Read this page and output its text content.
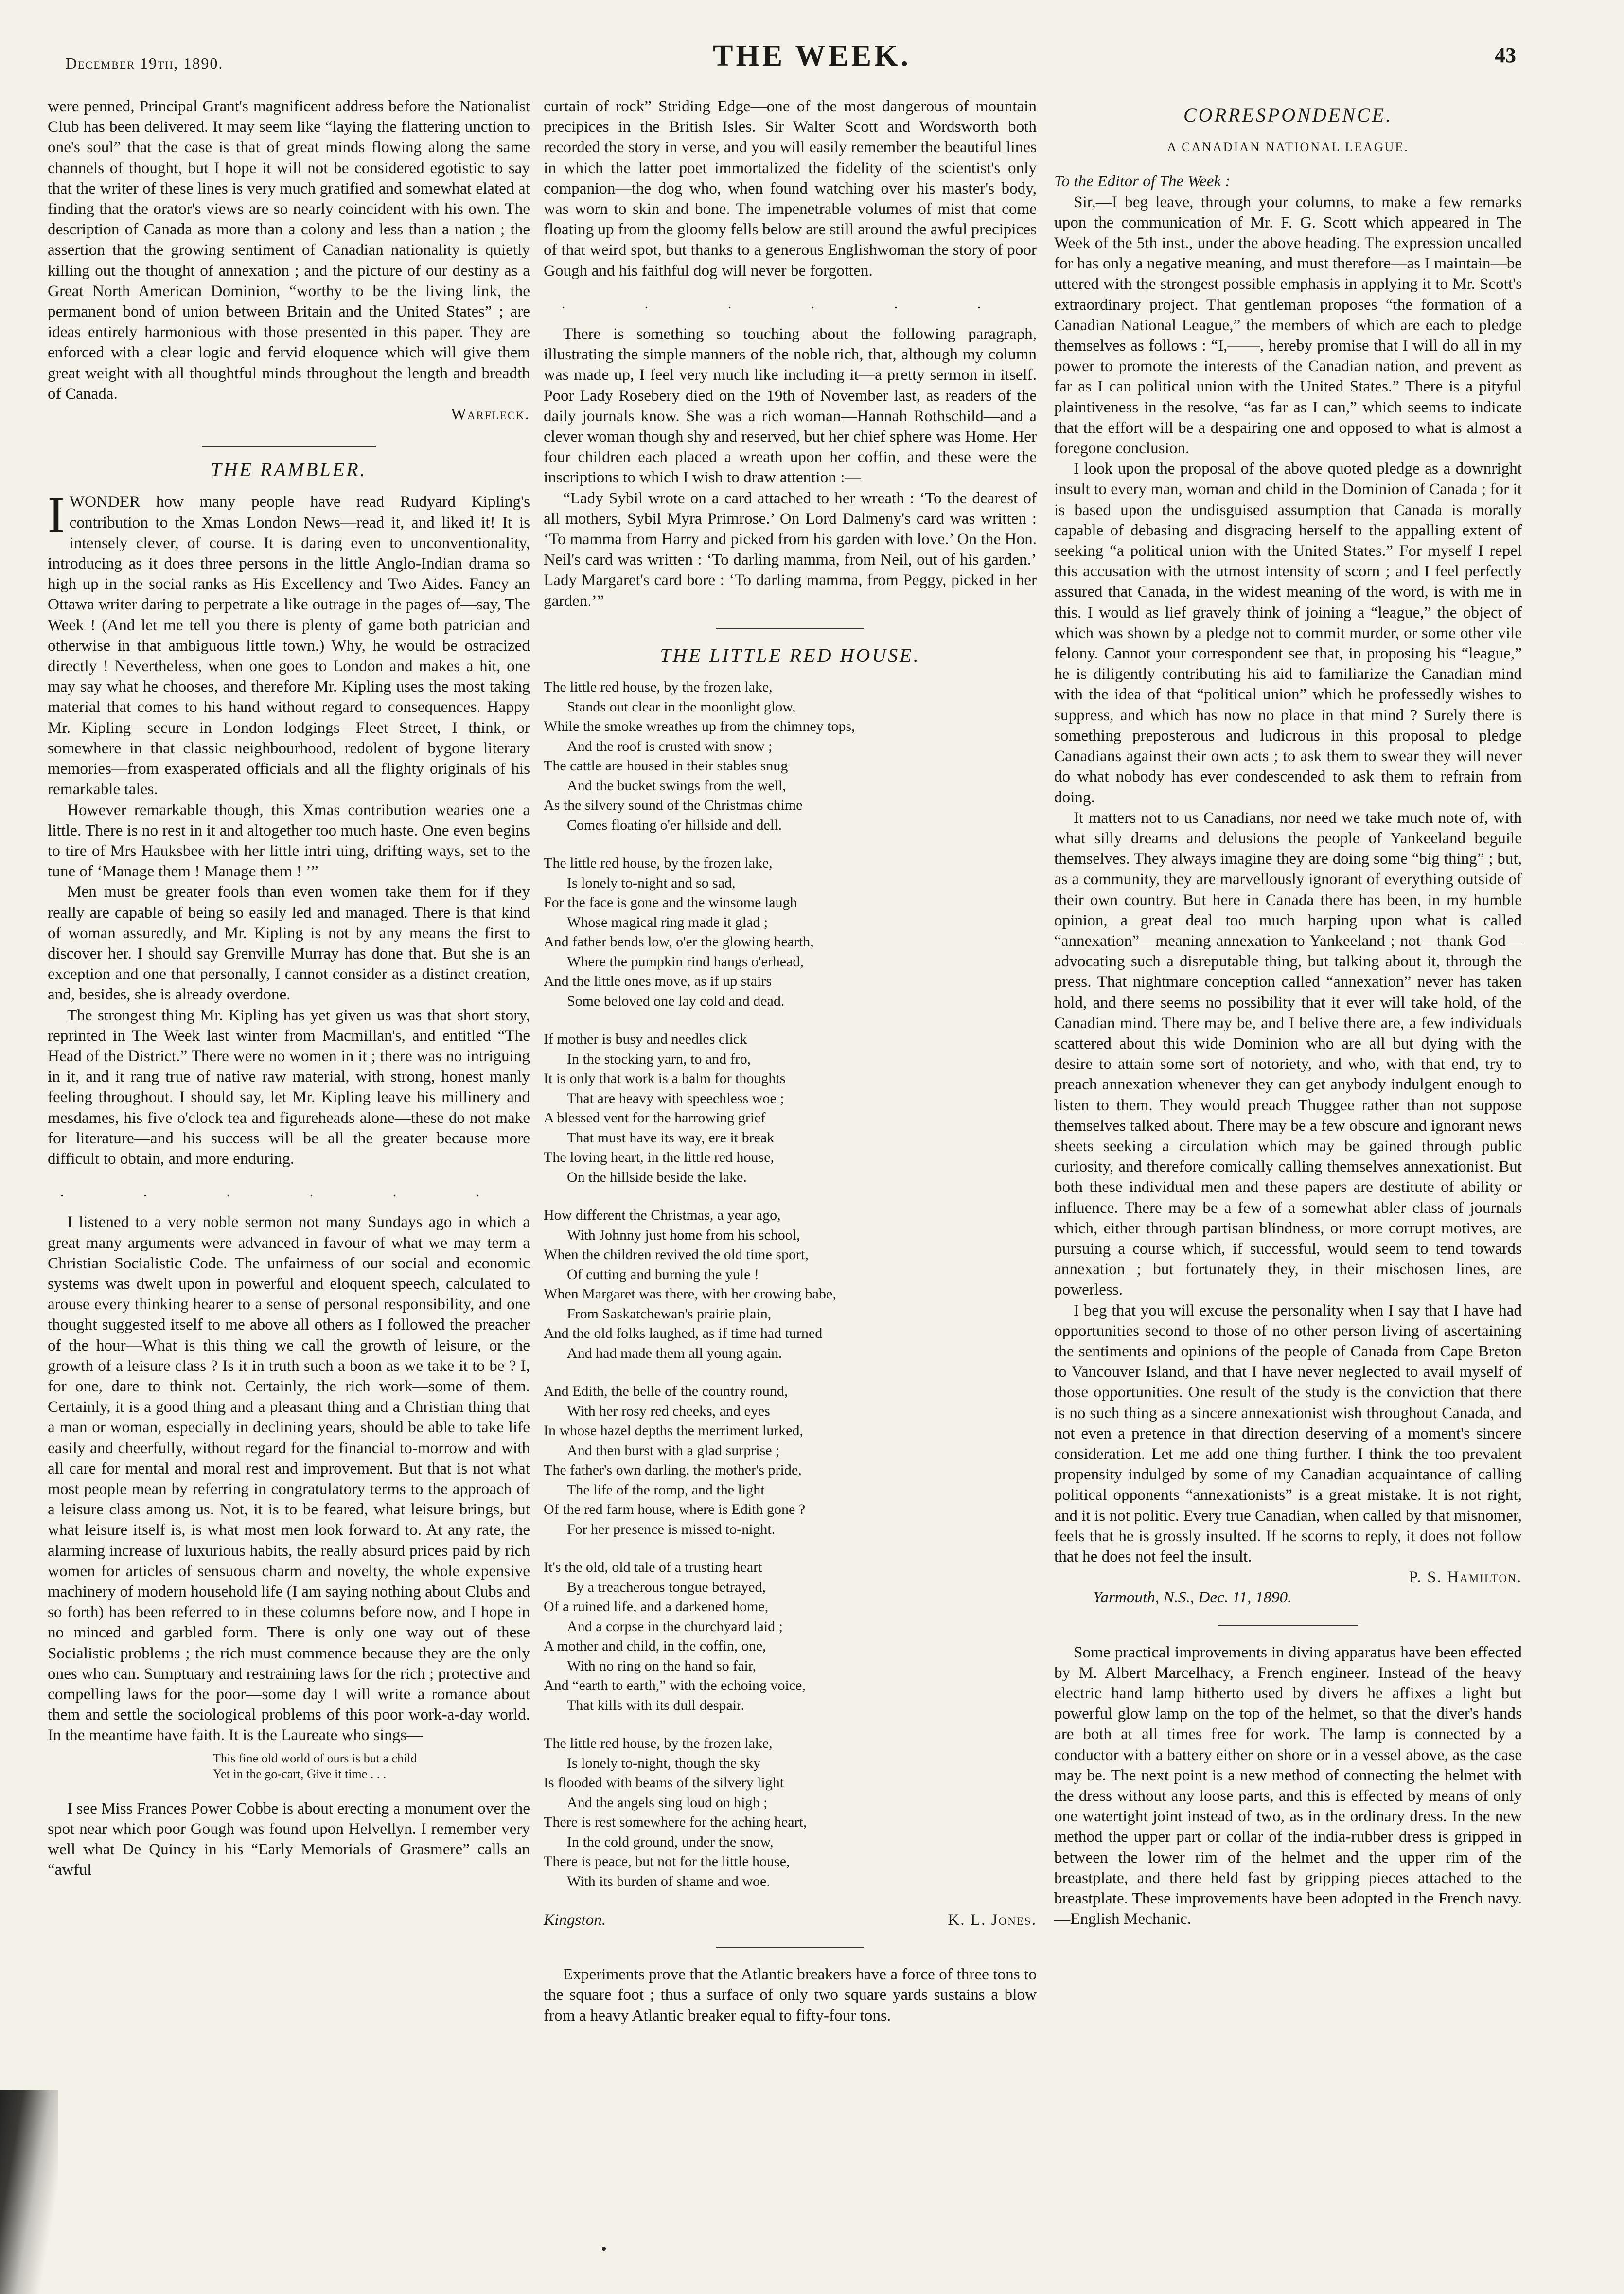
December 19th, 1890.	THE WEEK.	43

were penned, Principal Grant's magnificent address before the Nationalist Club has been delivered. It may seem like “laying the flattering unction to one's soul” that the case is that of great minds flowing along the same channels of thought, but I hope it will not be considered egotistic to say that the writer of these lines is very much gratified and somewhat elated at finding that the orator's views are so nearly coincident with his own. The description of Canada as more than a colony and less than a nation ; the assertion that the growing sentiment of Canadian nationality is quietly killing out the thought of annexation ; and the picture of our destiny as a Great North American Dominion, “worthy to be the living link, the permanent bond of union between Britain and the United States” ; are ideas entirely harmonious with those presented in this paper. They are enforced with a clear logic and fervid eloquence which will give them great weight with all thoughtful minds throughout the length and breadth of Canada.

Warfleck.

THE RAMBLER.

IWONDER how many people have read Rudyard Kipling's contribution to the Xmas London News—read it, and liked it! It is intensely clever, of course. It is daring even to unconventionality, introducing as it does three persons in the little Anglo-Indian drama so high up in the social ranks as His Excellency and Two Aides. Fancy an Ottawa writer daring to perpetrate a like outrage in the pages of—say, The Week ! (And let me tell you there is plenty of game both patrician and otherwise in that ambiguous little town.) Why, he would be ostracized directly ! Nevertheless, when one goes to London and makes a hit, one may say what he chooses, and therefore Mr. Kipling uses the most taking material that comes to his hand without regard to consequences. Happy Mr. Kipling—secure in London lodgings—Fleet Street, I think, or somewhere in that classic neighbourhood, redolent of bygone literary memories—from exasperated officials and all the flighty originals of his remarkable tales.

However remarkable though, this Xmas contribution wearies one a little. There is no rest in it and altogether too much haste. One even begins to tire of Mrs Hauksbee with her little intri uing, drifting ways, set to the tune of ‘Manage them ! Manage them ! ’”

Men must be greater fools than even women take them for if they really are capable of being so easily led and managed. There is that kind of woman assuredly, and Mr. Kipling is not by any means the first to discover her. I should say Grenville Murray has done that. But she is an exception and one that personally, I cannot consider as a distinct creation, and, besides, she is already overdone.

The strongest thing Mr. Kipling has yet given us was that short story, reprinted in The Week last winter from Macmillan's, and entitled “The Head of the District.” There were no women in it ; there was no intriguing in it, and it rang true of native raw material, with strong, honest manly feeling throughout. I should say, let Mr. Kipling leave his millinery and mesdames, his five o'clock tea and figureheads alone—these do not make for literature—and his success will be all the greater because more difficult to obtain, and more enduring.

. . . . . .

I listened to a very noble sermon not many Sundays ago in which a great many arguments were advanced in favour of what we may term a Christian Socialistic Code. The unfairness of our social and economic systems was dwelt upon in powerful and eloquent speech, calculated to arouse every thinking hearer to a sense of personal responsibility, and one thought suggested itself to me above all others as I followed the preacher of the hour—What is this thing we call the growth of leisure, or the growth of a leisure class ? Is it in truth such a boon as we take it to be ? I, for one, dare to think not. Certainly, the rich work—some of them. Certainly, it is a good thing and a pleasant thing and a Christian thing that a man or woman, especially in declining years, should be able to take life easily and cheerfully, without regard for the financial to-morrow and with all care for mental and moral rest and improvement. But that is not what most people mean by referring in congratulatory terms to the approach of a leisure class among us. Not, it is to be feared, what leisure brings, but what leisure itself is, is what most men look forward to. At any rate, the alarming increase of luxurious habits, the really absurd prices paid by rich women for articles of sensuous charm and novelty, the whole expensive machinery of modern household life (I am saying nothing about Clubs and so forth) has been referred to in these columns before now, and I hope in no minced and garbled form. There is only one way out of these Socialistic problems ; the rich must commence because they are the only ones who can. Sumptuary and restraining laws for the rich ; protective and compelling laws for the poor—some day I will write a romance about them and settle the sociological problems of this poor work-a-day world. In the meantime have faith. It is the Laureate who sings—

This fine old world of ours is but a child
Yet in the go-cart, Give it time . . .

I see Miss Frances Power Cobbe is about erecting a monument over the spot near which poor Gough was found upon Helvellyn. I remember very well what De Quincy in his “Early Memorials of Grasmere” calls an “awful

curtain of rock” Striding Edge—one of the most dangerous of mountain precipices in the British Isles. Sir Walter Scott and Wordsworth both recorded the story in verse, and you will easily remember the beautiful lines in which the latter poet immortalized the fidelity of the scientist's only companion—the dog who, when found watching over his master's body, was worn to skin and bone. The impenetrable volumes of mist that come floating up from the gloomy fells below are still around the awful precipices of that weird spot, but thanks to a generous Englishwoman the story of poor Gough and his faithful dog will never be forgotten.

. . . . . .

There is something so touching about the following paragraph, illustrating the simple manners of the noble rich, that, although my column was made up, I feel very much like including it—a pretty sermon in itself. Poor Lady Rosebery died on the 19th of November last, as readers of the daily journals know. She was a rich woman—Hannah Rothschild—and a clever woman though shy and reserved, but her chief sphere was Home. Her four children each placed a wreath upon her coffin, and these were the inscriptions to which I wish to draw attention :—

“Lady Sybil wrote on a card attached to her wreath : ‘To the dearest of all mothers, Sybil Myra Primrose.’ On Lord Dalmeny's card was written : ‘To mamma from Harry and picked from his garden with love.’ On the Hon. Neil's card was written : ‘To darling mamma, from Neil, out of his garden.’ Lady Margaret's card bore : ‘To darling mamma, from Peggy, picked in her garden.’”

THE LITTLE RED HOUSE.
The little red house, by the frozen lake,
Stands out clear in the moonlight glow,
While the smoke wreathes up from the chimney tops,
And the roof is crusted with snow ;
The cattle are housed in their stables snug
And the bucket swings from the well,
As the silvery sound of the Christmas chime
Comes floating o'er hillside and dell.
The little red house, by the frozen lake,
Is lonely to-night and so sad,
For the face is gone and the winsome laugh
Whose magical ring made it glad ;
And father bends low, o'er the glowing hearth,
Where the pumpkin rind hangs o'erhead,
And the little ones move, as if up stairs
Some beloved one lay cold and dead.
If mother is busy and needles click
In the stocking yarn, to and fro,
It is only that work is a balm for thoughts
That are heavy with speechless woe ;
A blessed vent for the harrowing grief
That must have its way, ere it break
The loving heart, in the little red house,
On the hillside beside the lake.
How different the Christmas, a year ago,
With Johnny just home from his school,
When the children revived the old time sport,
Of cutting and burning the yule !
When Margaret was there, with her crowing babe,
From Saskatchewan's prairie plain,
And the old folks laughed, as if time had turned
And had made them all young again.
And Edith, the belle of the country round,
With her rosy red cheeks, and eyes
In whose hazel depths the merriment lurked,
And then burst with a glad surprise ;
The father's own darling, the mother's pride,
The life of the romp, and the light
Of the red farm house, where is Edith gone ?
For her presence is missed to-night.
It's the old, old tale of a trusting heart
By a treacherous tongue betrayed,
Of a ruined life, and a darkened home,
And a corpse in the churchyard laid ;
A mother and child, in the coffin, one,
With no ring on the hand so fair,
And “earth to earth,” with the echoing voice,
That kills with its dull despair.
The little red house, by the frozen lake,
Is lonely to-night, though the sky
Is flooded with beams of the silvery light
And the angels sing loud on high ;
There is rest somewhere for the aching heart,
In the cold ground, under the snow,
There is peace, but not for the little house,
With its burden of shame and woe.
Kingston.	K. L. Jones.

Experiments prove that the Atlantic breakers have a force of three tons to the square foot ; thus a surface of only two square yards sustains a blow from a heavy Atlantic breaker equal to fifty-four tons.

CORRESPONDENCE.
A CANADIAN NATIONAL LEAGUE.

To the Editor of The Week :

Sir,—I beg leave, through your columns, to make a few remarks upon the communication of Mr. F. G. Scott which appeared in The Week of the 5th inst., under the above heading. The expression uncalled for has only a negative meaning, and must therefore—as I maintain—be uttered with the strongest possible emphasis in applying it to Mr. Scott's extraordinary project. That gentleman proposes “the formation of a Canadian National League,” the members of which are each to pledge themselves as follows : “I,——, hereby promise that I will do all in my power to promote the interests of the Canadian nation, and prevent as far as I can political union with the United States.” There is a pityful plaintiveness in the resolve, “as far as I can,” which seems to indicate that the effort will be a despairing one and opposed to what is almost a foregone conclusion.

I look upon the proposal of the above quoted pledge as a downright insult to every man, woman and child in the Dominion of Canada ; for it is based upon the undisguised assumption that Canada is morally capable of debasing and disgracing herself to the appalling extent of seeking “a political union with the United States.” For myself I repel this accusation with the utmost intensity of scorn ; and I feel perfectly assured that Canada, in the widest meaning of the word, is with me in this. I would as lief gravely think of joining a “league,” the object of which was shown by a pledge not to commit murder, or some other vile felony. Cannot your correspondent see that, in proposing his “league,” he is diligently contributing his aid to familiarize the Canadian mind with the idea of that “political union” which he professedly wishes to suppress, and which has now no place in that mind ? Surely there is something preposterous and ludicrous in this proposal to pledge Canadians against their own acts ; to ask them to swear they will never do what nobody has ever condescended to ask them to refrain from doing.

It matters not to us Canadians, nor need we take much note of, with what silly dreams and delusions the people of Yankeeland beguile themselves. They always imagine they are doing some “big thing” ; but, as a community, they are marvellously ignorant of everything outside of their own country. But here in Canada there has been, in my humble opinion, a great deal too much harping upon what is called “annexation”—meaning annexation to Yankeeland ; not—thank God—advocating such a disreputable thing, but talking about it, through the press. That nightmare conception called “annexation” never has taken hold, and there seems no possibility that it ever will take hold, of the Canadian mind. There may be, and I belive there are, a few individuals scattered about this wide Dominion who are all but dying with the desire to attain some sort of notoriety, and who, with that end, try to preach annexation whenever they can get anybody indulgent enough to listen to them. They would preach Thuggee rather than not suppose themselves talked about. There may be a few obscure and ignorant news sheets seeking a circulation which may be gained through public curiosity, and therefore comically calling themselves annexationist. But both these individual men and these papers are destitute of ability or influence. There may be a few of a somewhat abler class of journals which, either through partisan blindness, or more corrupt motives, are pursuing a course which, if successful, would seem to tend towards annexation ; but fortunately they, in their mischosen lines, are powerless.

I beg that you will excuse the personality when I say that I have had opportunities second to those of no other person living of ascertaining the sentiments and opinions of the people of Canada from Cape Breton to Vancouver Island, and that I have never neglected to avail myself of those opportunities. One result of the study is the conviction that there is no such thing as a sincere annexationist wish throughout Canada, and not even a pretence in that direction deserving of a moment's sincere consideration. Let me add one thing further. I think the too prevalent propensity indulged by some of my Canadian acquaintance of calling political opponents “annexationists” is a great mistake. It is not right, and it is not politic. Every true Canadian, when called by that misnomer, feels that he is grossly insulted. If he scorns to reply, it does not follow that he does not feel the insult.

P. S. Hamilton.

Yarmouth, N.S., Dec. 11, 1890.

Some practical improvements in diving apparatus have been effected by M. Albert Marcelhacy, a French engineer. Instead of the heavy electric hand lamp hitherto used by divers he affixes a light but powerful glow lamp on the top of the helmet, so that the diver's hands are both at all times free for work. The lamp is connected by a conductor with a battery either on shore or in a vessel above, as the case may be. The next point is a new method of connecting the helmet with the dress without any loose parts, and this is effected by means of only one watertight joint instead of two, as in the ordinary dress. In the new method the upper part or collar of the india-rubber dress is gripped in between the lower rim of the helmet and the upper rim of the breastplate, and there held fast by gripping pieces attached to the breastplate. These improvements have been adopted in the French navy.—English Mechanic.
